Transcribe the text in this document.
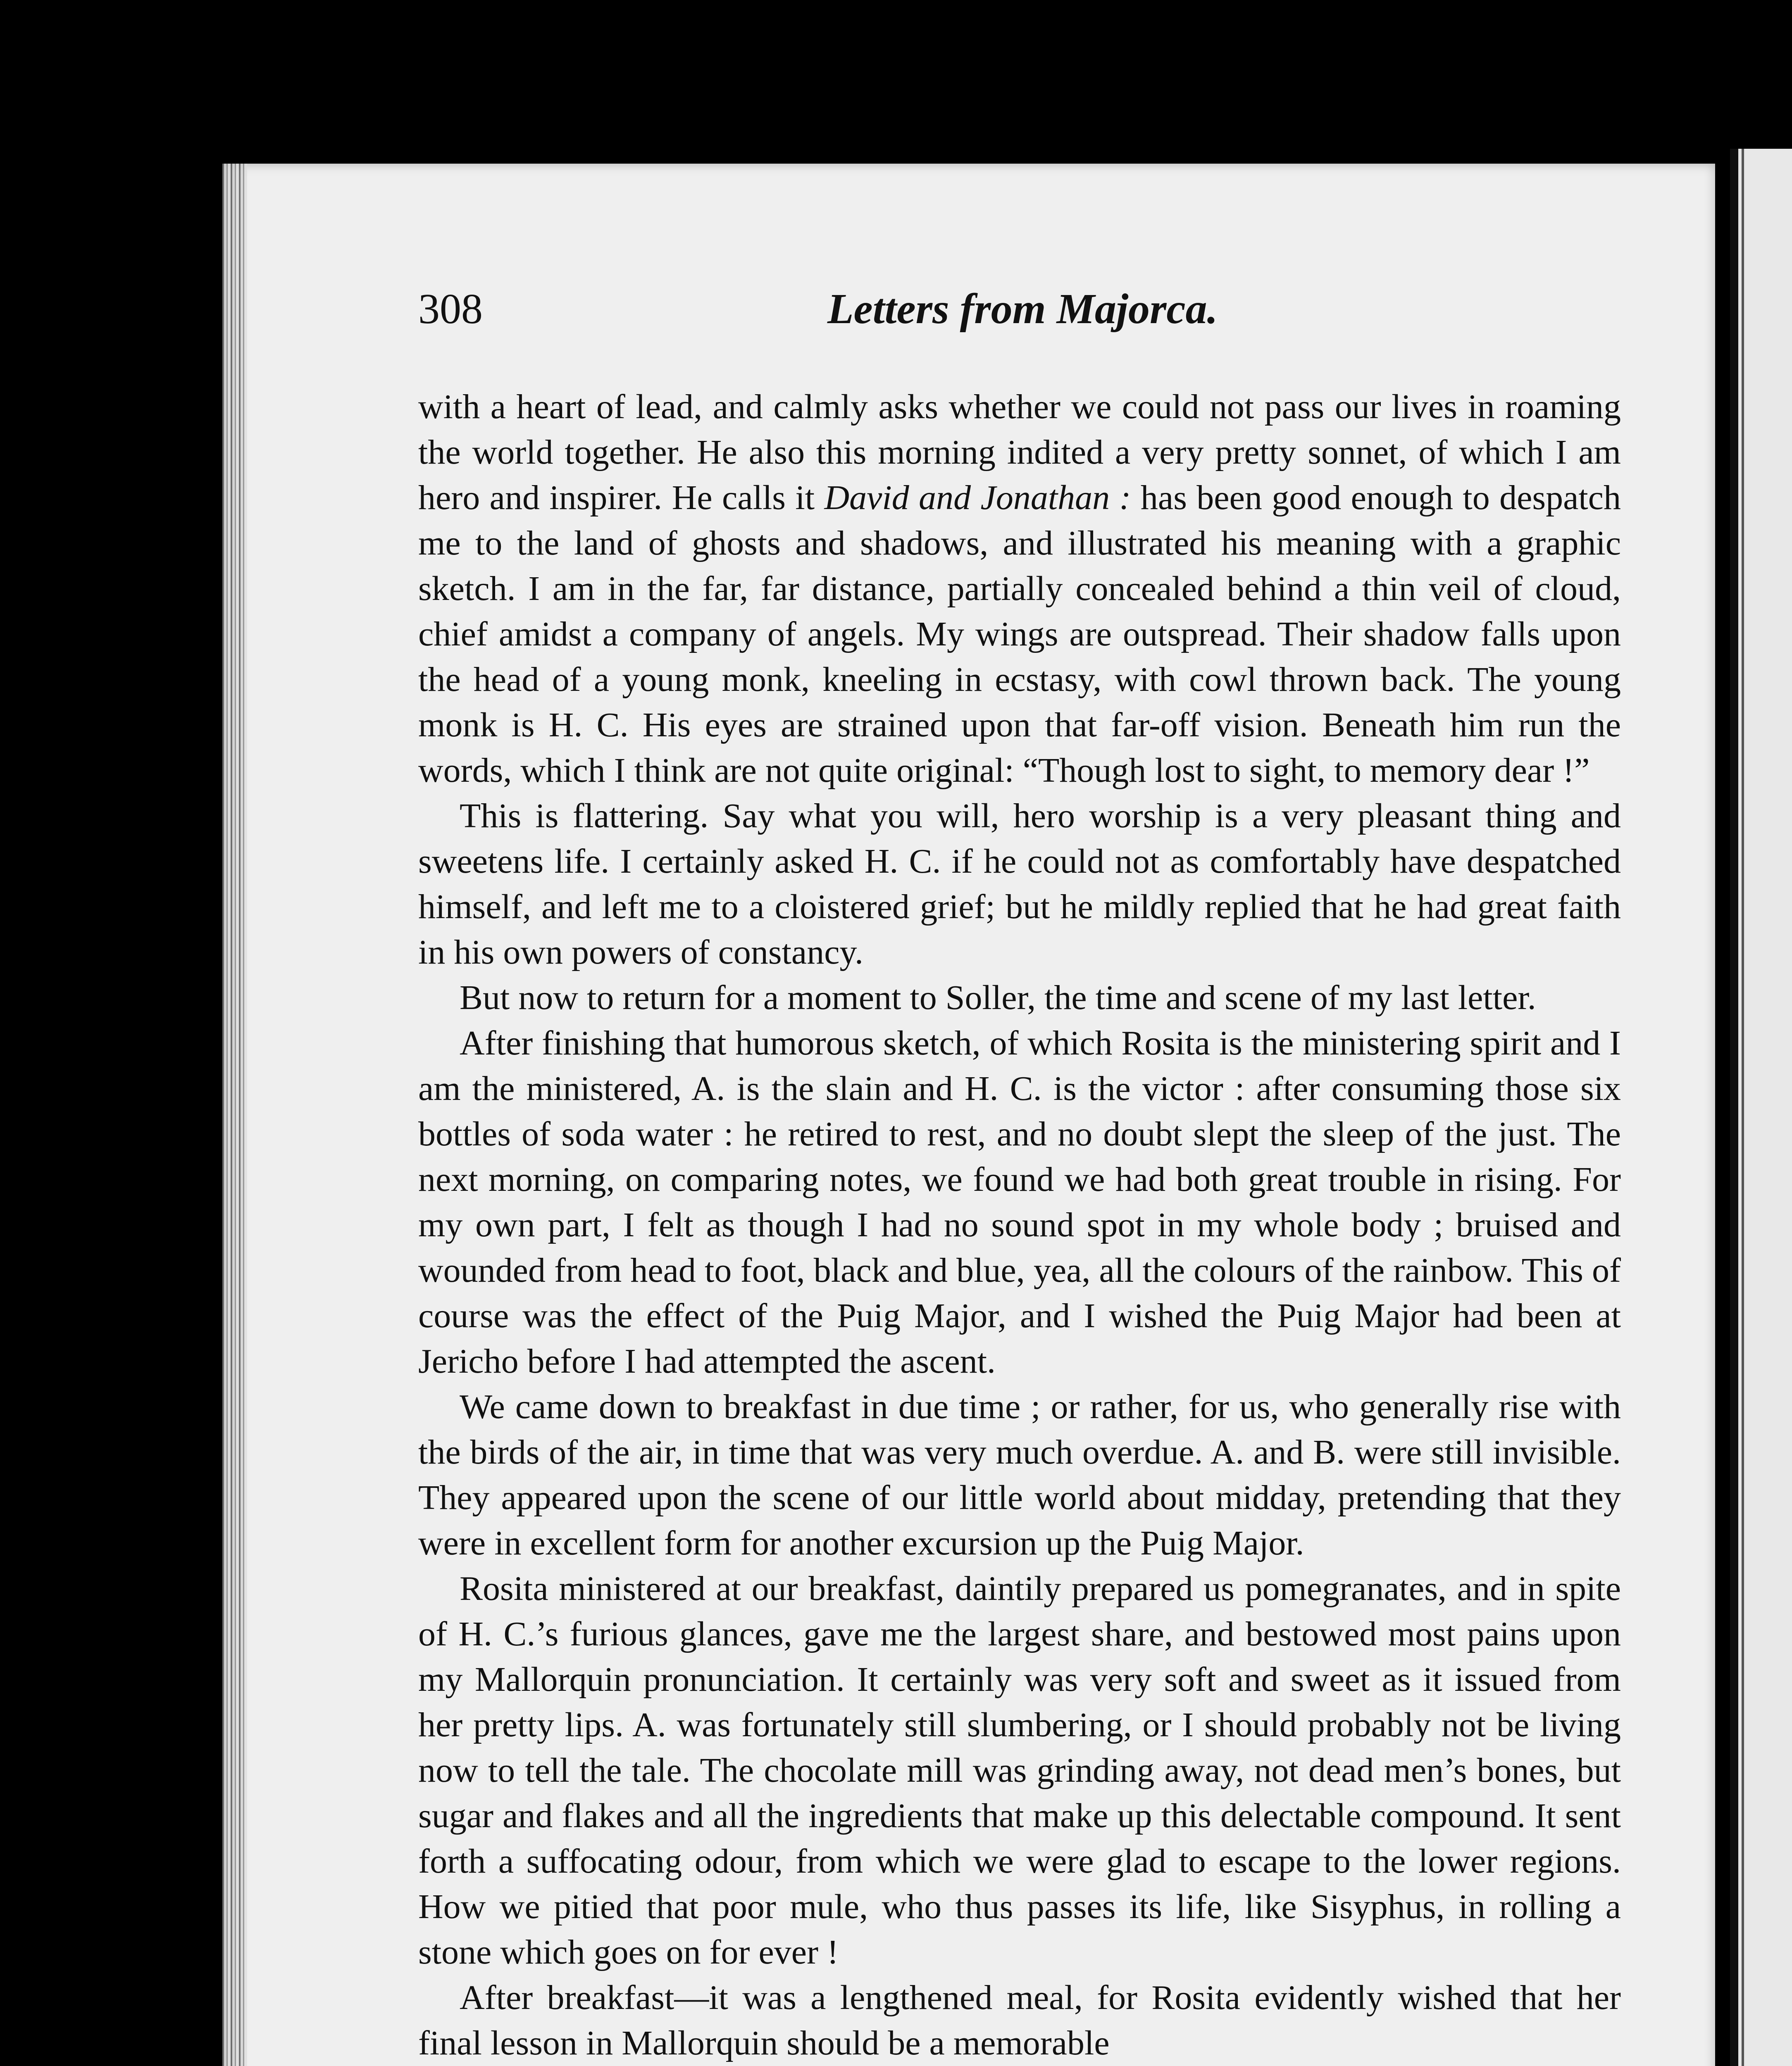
308	Letters from Majorca.

with a heart of lead, and calmly asks whether we could not pass our lives in roaming the world together. He also this morning indited a very pretty sonnet, of which I am hero and inspirer. He calls it David and Jonathan : has been good enough to despatch me to the land of ghosts and shadows, and illustrated his meaning with a graphic sketch. I am in the far, far distance, partially concealed behind a thin veil of cloud, chief amidst a company of angels. My wings are outspread. Their shadow falls upon the head of a young monk, kneeling in ecstasy, with cowl thrown back. The young monk is H. C. His eyes are strained upon that far-off vision. Beneath him run the words, which I think are not quite original: “Though lost to sight, to memory dear !”

This is flattering. Say what you will, hero worship is a very pleasant thing and sweetens life. I certainly asked H. C. if he could not as comfortably have despatched himself, and left me to a cloistered grief; but he mildly replied that he had great faith in his own powers of constancy.

But now to return for a moment to Soller, the time and scene of my last letter.

After finishing that humorous sketch, of which Rosita is the ministering spirit and I am the ministered, A. is the slain and H. C. is the victor : after consuming those six bottles of soda water : he retired to rest, and no doubt slept the sleep of the just. The next morning, on comparing notes, we found we had both great trouble in rising. For my own part, I felt as though I had no sound spot in my whole body ; bruised and wounded from head to foot, black and blue, yea, all the colours of the rainbow. This of course was the effect of the Puig Major, and I wished the Puig Major had been at Jericho before I had attempted the ascent.

We came down to breakfast in due time ; or rather, for us, who generally rise with the birds of the air, in time that was very much overdue. A. and B. were still invisible. They appeared upon the scene of our little world about midday, pretending that they were in excellent form for another excursion up the Puig Major.

Rosita ministered at our breakfast, daintily prepared us pomegranates, and in spite of H. C.’s furious glances, gave me the largest share, and bestowed most pains upon my Mallorquin pronunciation. It certainly was very soft and sweet as it issued from her pretty lips. A. was fortunately still slumbering, or I should probably not be living now to tell the tale. The chocolate mill was grinding away, not dead men’s bones, but sugar and flakes and all the ingredients that make up this delectable compound. It sent forth a suffocating odour, from which we were glad to escape to the lower regions. How we pitied that poor mule, who thus passes its life, like Sisyphus, in rolling a stone which goes on for ever !

After breakfast—it was a lengthened meal, for Rosita evidently wished that her final lesson in Mallorquin should be a memorable
